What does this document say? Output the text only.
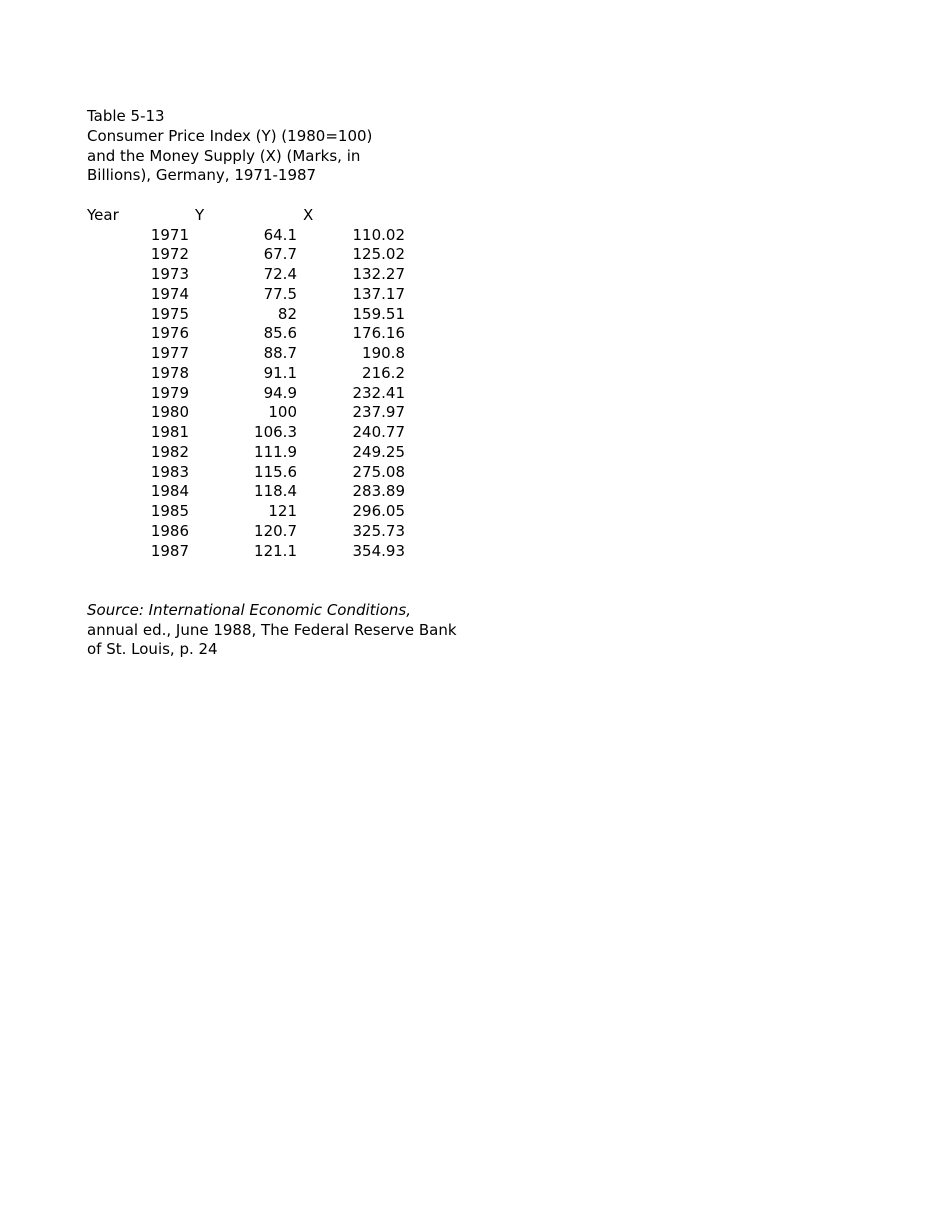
Table 5-13
Consumer Price Index (Y) (1980=100)
and the Money Supply (X) (Marks, in
Billions), Germany, 1971-1987
Year	Y	X
1971	64.1	110.02
1972	67.7	125.02
1973	72.4	132.27
1974	77.5	137.17
1975	82	159.51
1976	85.6	176.16
1977	88.7	190.8
1978	91.1	216.2
1979	94.9	232.41
1980	100	237.97
1981	106.3	240.77
1982	111.9	249.25
1983	115.6	275.08
1984	118.4	283.89
1985	121	296.05
1986	120.7	325.73
1987	121.1	354.93
Source: International Economic Conditions,
annual ed., June 1988, The Federal Reserve Bank
of St. Louis, p. 24
